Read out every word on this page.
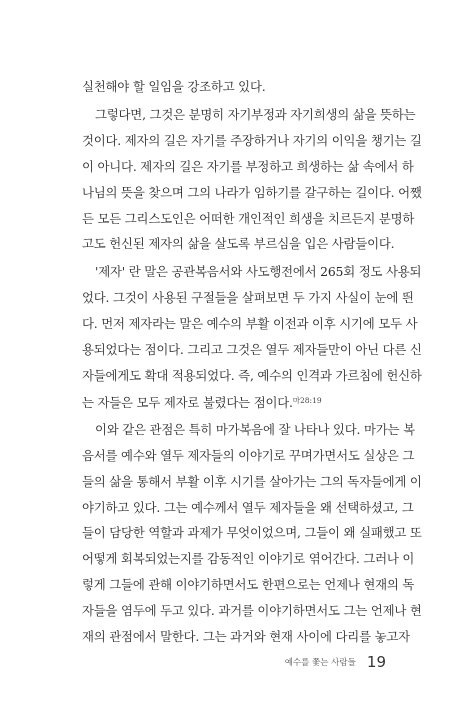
실천해야 할 일임을 강조하고 있다.
그렇다면, 그것은 분명히 자기부정과 자기희생의 삶을 뜻하는
것이다. 제자의 길은 자기를 주장하거나 자기의 이익을 챙기는 길
이 아니다. 제자의 길은 자기를 부정하고 희생하는 삶 속에서 하
나님의 뜻을 찾으며 그의 나라가 임하기를 갈구하는 길이다. 어쨌
든 모든 그리스도인은 어떠한 개인적인 희생을 치르든지 분명하
고도 헌신된 제자의 삶을 살도록 부르심을 입은 사람들이다.
'제자' 란 말은 공관복음서와 사도행전에서 265회 정도 사용되
었다. 그것이 사용된 구절들을 살펴보면 두 가지 사실이 눈에 띈
다. 먼저 제자라는 말은 예수의 부활 이전과 이후 시기에 모두 사
용되었다는 점이다. 그리고 그것은 열두 제자들만이 아닌 다른 신
자들에게도 확대 적용되었다. 즉, 예수의 인격과 가르침에 헌신하
는 자들은 모두 제자로 불렸다는 점이다.$^{마28:19}$
이와 같은 관점은 특히 마가복음에 잘 나타나 있다. 마가는 복
음서를 예수와 열두 제자들의 이야기로 꾸며가면서도 실상은 그
들의 삶을 통해서 부활 이후 시기를 살아가는 그의 독자들에게 이
야기하고 있다. 그는 예수께서 열두 제자들을 왜 선택하셨고, 그
들이 담당한 역할과 과제가 무엇이었으며, 그들이 왜 실패했고 또
어떻게 회복되었는지를 감동적인 이야기로 엮어간다. 그러나 이
렇게 그들에 관해 이야기하면서도 한편으로는 언제나 현재의 독
자들을 염두에 두고 있다. 과거를 이야기하면서도 그는 언제나 현
재의 관점에서 말한다. 그는 과거와 현재 사이에 다리를 놓고자
예수를 쫓는 사람들 19
